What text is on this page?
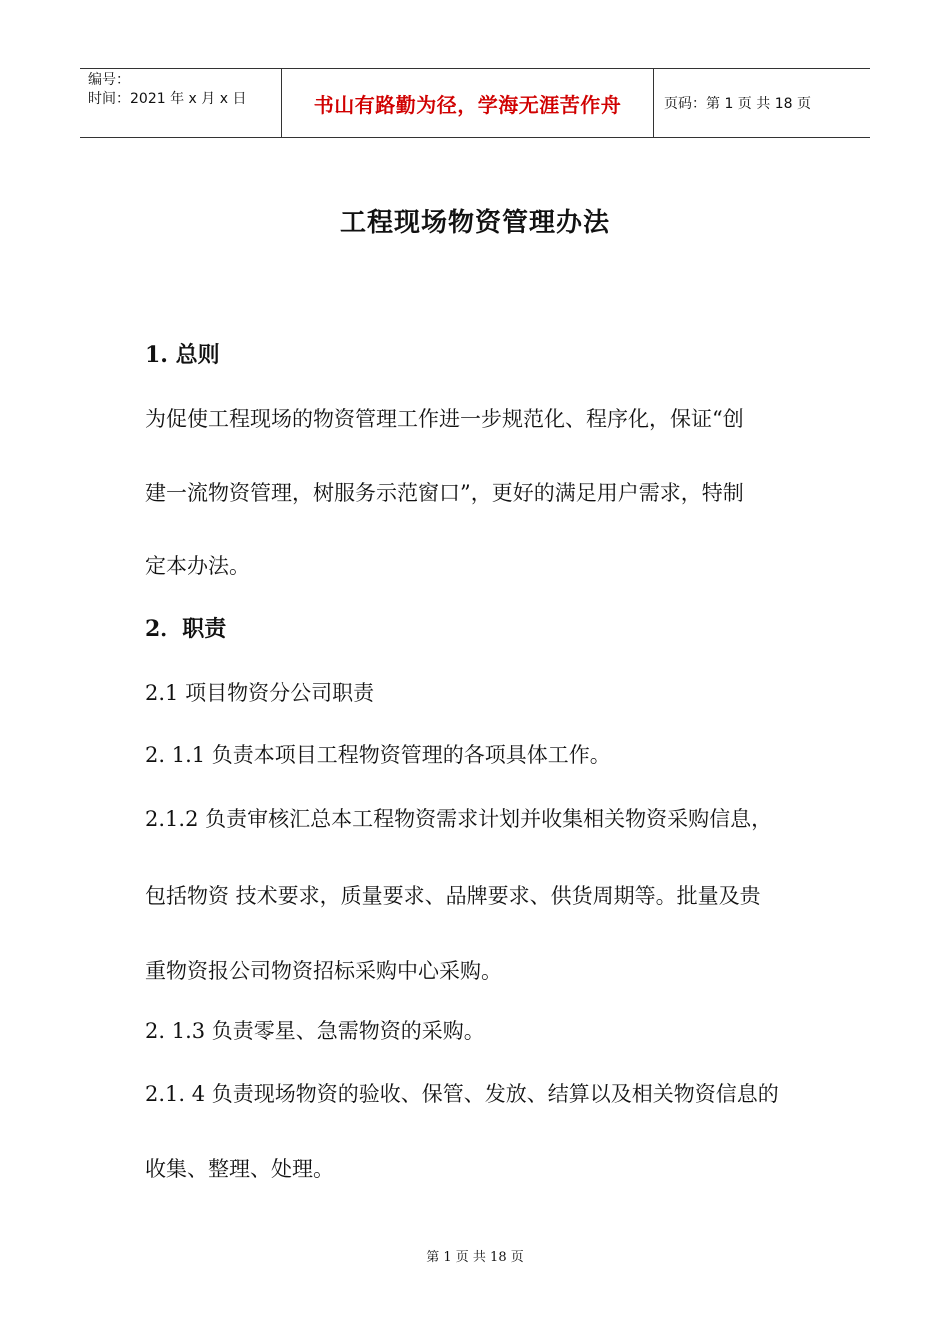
编号：
时间：2021 年 x 月 x 日	书山有路勤为径，学海无涯苦作舟	页码：第 1 页 共 18 页
工程现场物资管理办法
1. 总则
为促使工程现场的物资管理工作进一步规范化、程序化，保证“创
建一流物资管理，树服务示范窗口”，更好的满足用户需求，特制
定本办法。
2．职责
2.1 项目物资分公司职责
2. 1.1 负责本项目工程物资管理的各项具体工作。
2.1.2 负责审核汇总本工程物资需求计划并收集相关物资采购信息，
包括物资 技术要求，质量要求、品牌要求、供货周期等。批量及贵
重物资报公司物资招标采购中心采购。
2. 1.3 负责零星、急需物资的采购。
2.1. 4 负责现场物资的验收、保管、发放、结算以及相关物资信息的
收集、整理、处理。
第 1 页 共 18 页
